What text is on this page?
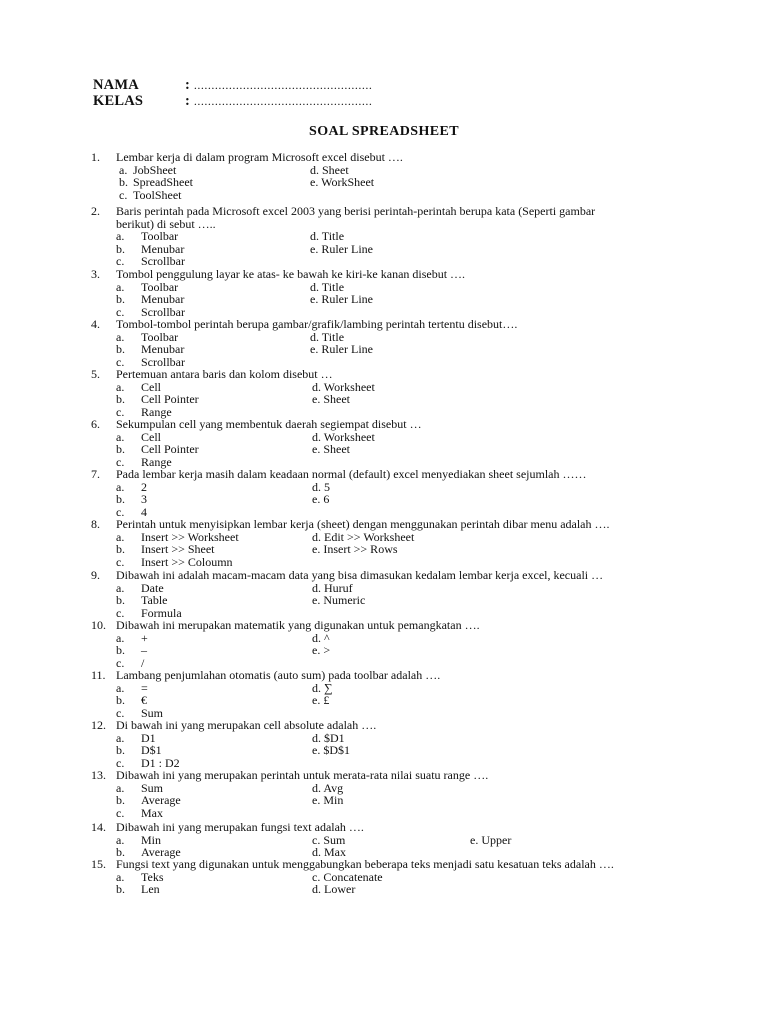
NAMA	: ...................................................
KELAS	: ...................................................
SOAL SPREADSHEET
1. Lembar kerja di dalam program Microsoft excel disebut ….
a. JobSheet	d. Sheet
b. SpreadSheet	e. WorkSheet
c. ToolSheet
2. Baris perintah pada Microsoft excel 2003 yang berisi perintah-perintah berupa kata (Seperti gambar
berikut) di sebut …..
a. Toolbar	d. Title
b. Menubar	e. Ruler Line
c. Scrollbar
3. Tombol penggulung layar ke atas- ke bawah ke kiri-ke kanan disebut ….
a. Toolbar	d. Title
b. Menubar	e. Ruler Line
c. Scrollbar
4. Tombol-tombol perintah berupa gambar/grafik/lambing perintah tertentu disebut….
a. Toolbar	d. Title
b. Menubar	e. Ruler Line
c. Scrollbar
5. Pertemuan antara baris dan kolom disebut …
a. Cell	d. Worksheet
b. Cell Pointer	e. Sheet
c. Range
6. Sekumpulan cell yang membentuk daerah segiempat disebut …
a. Cell	d. Worksheet
b. Cell Pointer	e. Sheet
c. Range
7. Pada lembar kerja masih dalam keadaan normal (default) excel menyediakan sheet sejumlah ……
a. 2	d. 5
b. 3	e. 6
c. 4
8. Perintah untuk menyisipkan lembar kerja (sheet) dengan menggunakan perintah dibar menu adalah ….
a. Insert >> Worksheet	d. Edit >> Worksheet
b. Insert >> Sheet	e. Insert >> Rows
c. Insert >> Coloumn
9. Dibawah ini adalah macam-macam data yang bisa dimasukan kedalam lembar kerja excel, kecuali …
a. Date	d. Huruf
b. Table	e. Numeric
c. Formula
10. Dibawah ini merupakan matematik yang digunakan untuk pemangkatan ….
a. +	d. ^
b. –	e. >
c. /
11. Lambang penjumlahan otomatis (auto sum) pada toolbar adalah ….
a. =	d. ∑
b. €	e. £
c. Sum
12. Di bawah ini yang merupakan cell absolute adalah ….
a. D1	d. $D1
b. D$1	e. $D$1
c. D1 : D2
13. Dibawah ini yang merupakan perintah untuk merata-rata nilai suatu range ….
a. Sum	d. Avg
b. Average	e. Min
c. Max
14. Dibawah ini yang merupakan fungsi text adalah ….
a. Min	c. Sum	e. Upper
b. Average	d. Max
15. Fungsi text yang digunakan untuk menggabungkan beberapa teks menjadi satu kesatuan teks adalah ….
a. Teks	c. Concatenate
b. Len	d. Lower
